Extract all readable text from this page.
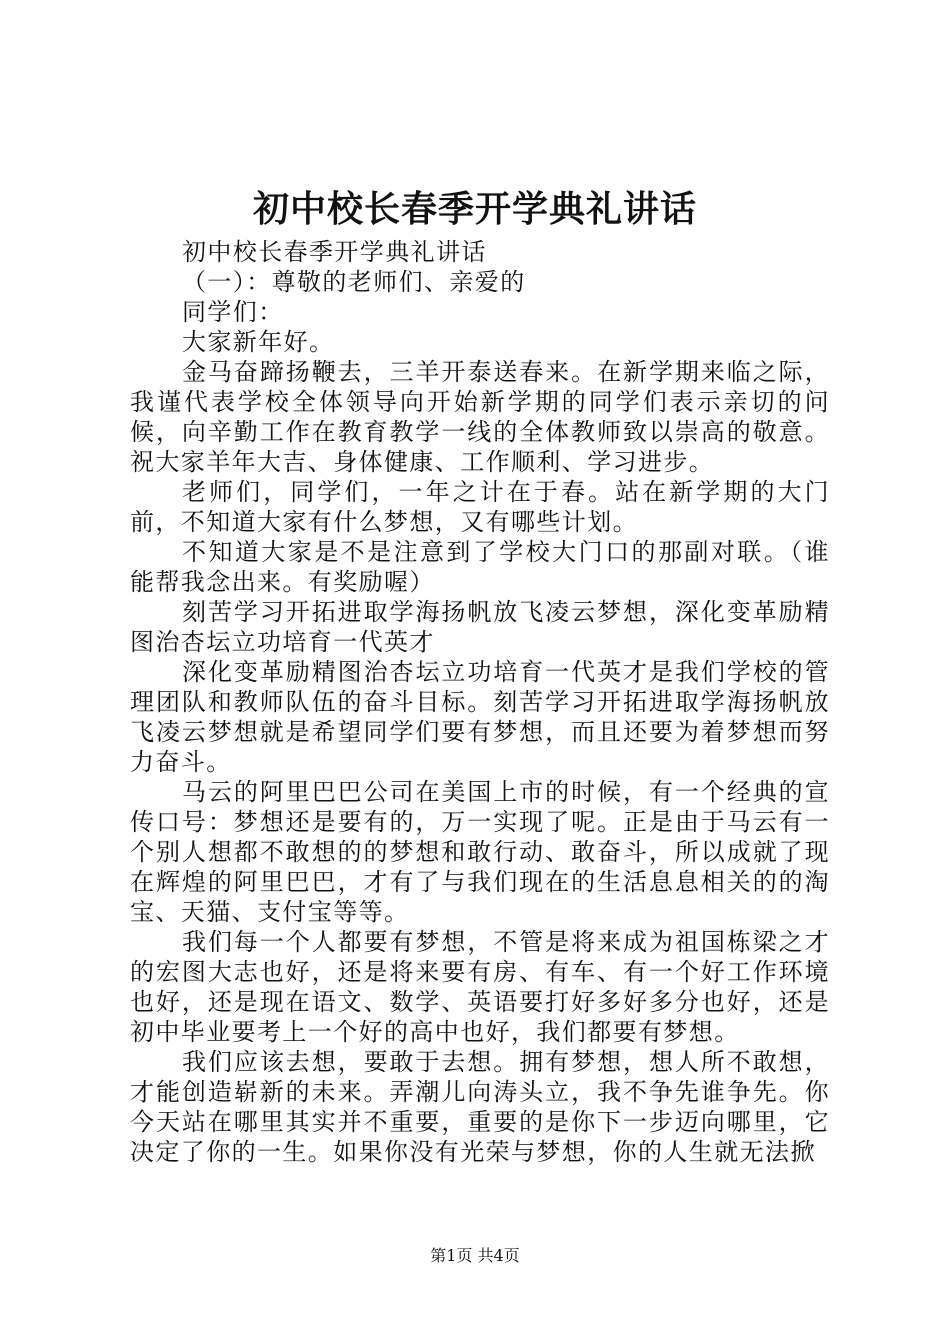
初中校长春季开学典礼讲话

初中校长春季开学典礼讲话

（一）：尊敬的老师们、亲爱的

同学们：

大家新年好。

金马奋蹄扬鞭去，三羊开泰送春来。在新学期来临之际，我谨代表学校全体领导向开始新学期的同学们表示亲切的问候，向辛勤工作在教育教学一线的全体教师致以崇高的敬意。祝大家羊年大吉、身体健康、工作顺利、学习进步。

老师们，同学们，一年之计在于春。站在新学期的大门前，不知道大家有什么梦想，又有哪些计划。

不知道大家是不是注意到了学校大门口的那副对联。（谁能帮我念出来。有奖励喔）

刻苦学习开拓进取学海扬帆放飞凌云梦想，深化变革励精图治杏坛立功培育一代英才

深化变革励精图治杏坛立功培育一代英才是我们学校的管理团队和教师队伍的奋斗目标。刻苦学习开拓进取学海扬帆放飞凌云梦想就是希望同学们要有梦想，而且还要为着梦想而努力奋斗。

马云的阿里巴巴公司在美国上市的时候，有一个经典的宣传口号：梦想还是要有的，万一实现了呢。正是由于马云有一个别人想都不敢想的的梦想和敢行动、敢奋斗，所以成就了现在辉煌的阿里巴巴，才有了与我们现在的生活息息相关的的淘宝、天猫、支付宝等等。

我们每一个人都要有梦想，不管是将来成为祖国栋梁之才的宏图大志也好，还是将来要有房、有车、有一个好工作环境也好，还是现在语文、数学、英语要打好多好多分也好，还是初中毕业要考上一个好的高中也好，我们都要有梦想。

我们应该去想，要敢于去想。拥有梦想，想人所不敢想，才能创造崭新的未来。弄潮儿向涛头立，我不争先谁争先。你今天站在哪里其实并不重要，重要的是你下一步迈向哪里，它决定了你的一生。如果你没有光荣与梦想，你的人生就无法掀

第1页 共4页
